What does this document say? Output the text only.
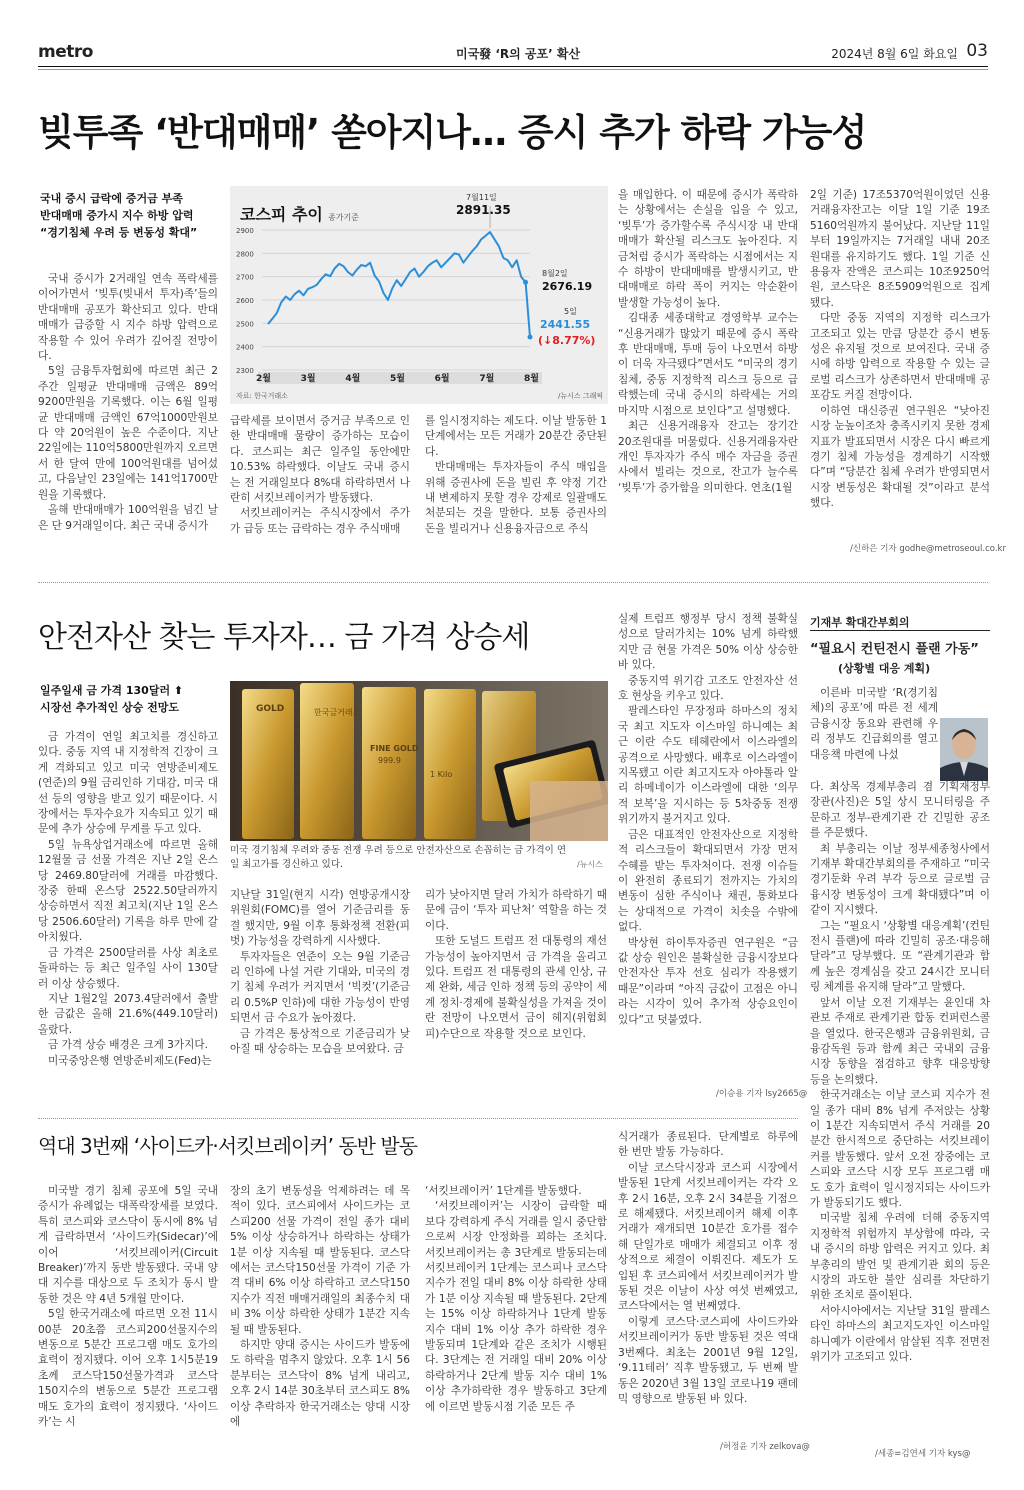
metro	미국發 ‘R의 공포’ 확산	2024년 8월 6일 화요일 03
빚투족 ‘반대매매’ 쏟아지나… 증시 추가 하락 가능성
국내 증시 급락에 증거금 부족
반대매매 증가시 지수 하방 압력
“경기침체 우려 등 변동성 확대”

국내 증시가 2거래일 연속 폭락세를 이어가면서 ‘빚투(빚내서 투자)족’들의 반대매매 공포가 확산되고 있다. 반대매매가 급증할 시 지수 하방 압력으로 작용할 수 있어 우려가 깊어질 전망이다.

5일 금융투자협회에 따르면 최근 2주간 일평균 반대매매 금액은 89억9200만원을 기록했다. 이는 6월 일평균 반대매매 금액인 67억1000만원보다 약 20억원이 높은 수준이다. 지난 22일에는 110억5800만원까지 오르면서 한 달여 만에 100억원대를 넘어섰고, 다음날인 23일에는 141억1700만원을 기록했다.

올해 반대매매가 100억원을 넘긴 날은 단 9거래일이다. 최근 국내 증시가

코스피 추이 종가기준
2900
2800
2700
2600
2500
2400
2300
2월	3월	4월	5월	6월	7월	8월
7월11일
2891.35
8월2일
2676.19
5일
2441.55
(↓8.77%)
자료: 한국거래소	/뉴시스 그래픽

급락세를 보이면서 증거금 부족으로 인한 반대매매 물량이 증가하는 모습이다. 코스피는 최근 일주일 동안에만 10.53% 하락했다. 이날도 국내 증시는 전 거래일보다 8%대 하락하면서 나란히 서킷브레이커가 발동됐다.

서킷브레이커는 주식시장에서 주가가 급등 또는 급락하는 경우 주식매매

를 일시정지하는 제도다. 이날 발동한 1단계에서는 모든 거래가 20분간 중단된다.

반대매매는 투자자들이 주식 매입을 위해 증권사에 돈을 빌린 후 약정 기간 내 변제하지 못할 경우 강제로 일괄매도 처분되는 것을 말한다. 보통 증권사의 돈을 빌리거나 신용융자금으로 주식

을 매입한다. 이 때문에 증시가 폭락하는 상황에서는 손실을 입을 수 있고, ‘빚투’가 증가할수록 주식시장 내 반대매매가 확산될 리스크도 높아진다. 지금처럼 증시가 폭락하는 시점에서는 지수 하방이 반대매매를 발생시키고, 반대매매로 하락 폭이 커지는 악순환이 발생할 가능성이 높다.

김대종 세종대학교 경영학부 교수는 “신용거래가 많았기 때문에 증시 폭락 후 반대매매, 투매 등이 나오면서 하방이 더욱 자극됐다”면서도 “미국의 경기침체, 중동 지정학적 리스크 등으로 급락했는데 국내 증시의 하락세는 거의 마지막 시점으로 보인다”고 설명했다.

최근 신용거래융자 잔고는 장기간 20조원대를 머물렀다. 신용거래융자란 개인 투자자가 주식 매수 자금을 증권사에서 빌리는 것으로, 잔고가 늘수록 ‘빚투’가 증가함을 의미한다. 연초(1월

2일 기준) 17조5370억원이었던 신용거래융자잔고는 이달 1일 기준 19조5160억원까지 불어났다. 지난달 11일부터 19일까지는 7거래일 내내 20조원대를 유지하기도 했다. 1일 기준 신용융자 잔액은 코스피는 10조9250억원, 코스닥은 8조5909억원으로 집계됐다.

다만 중동 지역의 지정학 리스크가 고조되고 있는 만큼 당분간 증시 변동성은 유지될 것으로 보여진다. 국내 증시에 하방 압력으로 작용할 수 있는 글로벌 리스크가 상존하면서 반대매매 공포감도 커질 전망이다.

이하연 대신증권 연구원은 “낮아진 시장 눈높이조차 충족시키지 못한 경제지표가 발표되면서 시장은 다시 빠르게 경기 침체 가능성을 경계하기 시작했다”며 “당분간 침체 우려가 반영되면서 시장 변동성은 확대될 것”이라고 분석했다.

/신하은 기자 godhe@metroseoul.co.kr
안전자산 찾는 투자자… 금 가격 상승세
일주일새 금 가격 130달러 ⬆
시장선 추가적인 상승 전망도

금 가격이 연일 최고치를 경신하고 있다. 중동 지역 내 지정학적 긴장이 크게 격화되고 있고 미국 연방준비제도(연준)의 9월 금리인하 기대감, 미국 대선 등의 영향을 받고 있기 때문이다. 시장에서는 투자수요가 지속되고 있기 때문에 추가 상승에 무게를 두고 있다.

5일 뉴욕상업거래소에 따르면 올해 12월물 금 선물 가격은 지난 2일 온스당 2469.80달러에 거래를 마감했다. 장중 한때 온스당 2522.50달러까지 상승하면서 직전 최고치(지난 1일 온스당 2506.60달러) 기록을 하루 만에 갈아치웠다.

금 가격은 2500달러를 사상 최초로 돌파하는 등 최근 일주일 사이 130달러 이상 상승했다.

지난 1월2일 2073.4달러에서 출발한 금값은 올해 21.6%(449.10달러) 올랐다.

금 가격 상승 배경은 크게 3가지다.

미국중앙은행 연방준비제도(Fed)는

GOLD	한국금거래소
FINE GOLD
999.9
1 Kilo
미국 경기침체 우려와 중동 전쟁 우려 등으로 안전자산으로 손꼽히는 금 가격이 연일 최고가를 경신하고 있다.	/뉴시스

지난달 31일(현지 시각) 연방공개시장위원회(FOMC)를 열어 기준금리를 동결 했지만, 9월 이후 통화정책 전환(피벗) 가능성을 강력하게 시사했다.

투자자들은 연준이 오는 9월 기준금리 인하에 나설 거란 기대와, 미국의 경기 침체 우려가 커지면서 ‘빅컷’(기준금리 0.5%P 인하)에 대한 가능성이 반영되면서 금 수요가 높아졌다.

금 가격은 통상적으로 기준금리가 낮아질 때 상승하는 모습을 보여왔다. 금

리가 낮아지면 달러 가치가 하락하기 때문에 금이 ‘투자 피난처’ 역할을 하는 것이다.

또한 도널드 트럼프 전 대통령의 재선 가능성이 높아지면서 금 가격을 올리고 있다. 트럼프 전 대통령의 관세 인상, 규제 완화, 세금 인하 정책 등의 공약이 세계 정치·경제에 불확실성을 가져올 것이란 전망이 나오면서 금이 헤지(위험회피)수단으로 작용할 것으로 보인다.

실제 트럼프 행정부 당시 정책 불확실성으로 달러가치는 10% 넘게 하락했지만 금 현물 가격은 50% 이상 상승한 바 있다.

중동지역 위기감 고조도 안전자산 선호 현상을 키우고 있다.

팔레스타인 무장정파 하마스의 정치국 최고 지도자 이스마일 하니예는 최근 이란 수도 테헤란에서 이스라엘의 공격으로 사망했다. 배후로 이스라엘이 지목됐고 이란 최고지도자 아야톨라 알리 하메네이가 이스라엘에 대한 ‘의무적 보복’을 지시하는 등 5차중동 전쟁 위기까지 불거지고 있다.

금은 대표적인 안전자산으로 지정학적 리스크들이 확대되면서 가장 먼저 수혜를 받는 투자처이다. 전쟁 이슈들이 완전히 종료되기 전까지는 가치의 변동이 심한 주식이나 채권, 통화보다는 상대적으로 가격이 치솟을 수밖에 없다.

박상현 하이투자증권 연구원은 “금 값 상승 원인은 불확실한 금융시장보다 안전자산 투자 선호 심리가 작용했기 때문”이라며 “아직 금값이 고점은 아니라는 시각이 있어 추가적 상승요인이 있다”고 덧붙였다.

/이승용 기자 lsy2665@
기재부 확대간부회의
“필요시 컨틴전시 플랜 가동”
(상황별 대응 계획)

이른바 미국발 ‘R(경기침체)의 공포’에 따른 전 세계 금융시장 동요와 관련해 우리 정부도 긴급회의를 열고 대응책 마련에 나섰

다. 최상목 경제부총리 겸 기획재정부 장관(사진)은 5일 상시 모니터링을 주문하고 정부-관계기관 간 긴밀한 공조를 주문했다.

최 부총리는 이날 정부세종청사에서 기재부 확대간부회의를 주재하고 “미국 경기둔화 우려 부각 등으로 글로벌 금융시장 변동성이 크게 확대됐다”며 이같이 지시했다.

그는 “필요시 ‘상황별 대응계획’(컨틴전시 플랜)에 따라 긴밀히 공조·대응해 달라”고 당부했다. 또 “관계기관과 함께 높은 경계심을 갖고 24시간 모니터링 체계를 유지해 달라”고 말했다.

앞서 이날 오전 기재부는 윤인대 차관보 주재로 관계기관 합동 컨퍼런스콜을 열었다. 한국은행과 금융위원회, 금융감독원 등과 함께 최근 국내외 금융시장 동향을 점검하고 향후 대응방향 등을 논의했다.

한국거래소는 이날 코스피 지수가 전일 종가 대비 8% 넘게 주저앉는 상황이 1분간 지속되면서 주식 거래를 20분간 한시적으로 중단하는 서킷브레이커를 발동했다. 앞서 오전 장중에는 코스피와 코스닥 시장 모두 프로그램 매도 호가 효력이 일시정지되는 사이드카가 발동되기도 했다.

미국발 침체 우려에 더해 중동지역 지정학적 위험까지 부상함에 따라, 국내 증시의 하방 압력은 커지고 있다. 최 부총리의 발언 및 관계기관 회의 등은 시장의 과도한 불안 심리를 차단하기 위한 조치로 풀이된다.

서아시아에서는 지난달 31일 팔레스타인 하마스의 최고지도자인 이스마일 하니예가 이란에서 암살된 직후 전면전 위기가 고조되고 있다.

/세종=김연세 기자 kys@
역대 3번째 ‘사이드카·서킷브레이커’ 동반 발동

미국발 경기 침체 공포에 5일 국내 증시가 유례없는 대폭락장세를 보였다. 특히 코스피와 코스닥이 동시에 8% 넘게 급락하면서 ‘사이드카(Sidecar)’에 이어 ‘서킷브레이커(Circuit Breaker)’까지 동반 발동됐다. 국내 양대 지수를 대상으로 두 조치가 동시 발동한 것은 약 4년 5개월 만이다.

5일 한국거래소에 따르면 오전 11시 00분 20초쯤 코스피200선물지수의 변동으로 5분간 프로그램 매도 호가의 효력이 정지됐다. 이어 오후 1시5분19초께 코스닥150선물가격과 코스닥150지수의 변동으로 5분간 프로그램 매도 호가의 효력이 정지됐다. ‘사이드카’는 시

장의 초기 변동성을 억제하려는 데 목적이 있다. 코스피에서 사이드카는 코스피200 선물 가격이 전일 종가 대비 5% 이상 상승하거나 하락하는 상태가 1분 이상 지속될 때 발동된다. 코스닥에서는 코스닥150선물 가격이 기준 가격 대비 6% 이상 하락하고 코스닥150지수가 직전 매매거래일의 최종수치 대비 3% 이상 하락한 상태가 1분간 지속될 때 발동된다.

하지만 양대 증시는 사이드카 발동에도 하락을 멈추지 않았다. 오후 1시 56분부터는 코스닥이 8% 넘게 내리고, 오후 2시 14분 30초부터 코스피도 8% 이상 추락하자 한국거래소는 양대 시장에

‘서킷브레이커’ 1단계를 발동했다.

‘서킷브레이커’는 시장이 급락할 때 보다 강력하게 주식 거래를 일시 중단함으로써 시장 안정화를 꾀하는 조치다. 서킷브레이커는 총 3단계로 발동되는데 서킷브레이커 1단계는 코스피나 코스닥 지수가 전일 대비 8% 이상 하락한 상태가 1분 이상 지속될 때 발동된다. 2단계는 15% 이상 하락하거나 1단계 발동 지수 대비 1% 이상 추가 하락한 경우 발동되며 1단계와 같은 조치가 시행된다. 3단계는 전 거래일 대비 20% 이상 하락하거나 2단계 발동 지수 대비 1% 이상 추가하락한 경우 발동하고 3단계에 이르면 발동시점 기준 모든 주

식거래가 종료된다. 단계별로 하루에 한 번만 발동 가능하다.

이날 코스닥시장과 코스피 시장에서 발동된 1단계 서킷브레이커는 각각 오후 2시 16분, 오후 2시 34분을 기점으로 해제됐다. 서킷브레이커 해제 이후 거래가 재개되면 10분간 호가를 접수해 단일가로 매매가 체결되고 이후 정상적으로 체결이 이뤄진다. 제도가 도입된 후 코스피에서 서킷브레이커가 발동된 것은 이날이 사상 여섯 번째였고, 코스닥에서는 열 번째였다.

이렇게 코스닥·코스피에 사이드카와 서킷브레이커가 동반 발동된 것은 역대 3번째다. 최초는 2001년 9월 12일, ‘9.11테러’ 직후 발동됐고, 두 번째 발동은 2020년 3월 13일 코로나19 팬데믹 영향으로 발동된 바 있다.

/허정윤 기자 zelkova@
